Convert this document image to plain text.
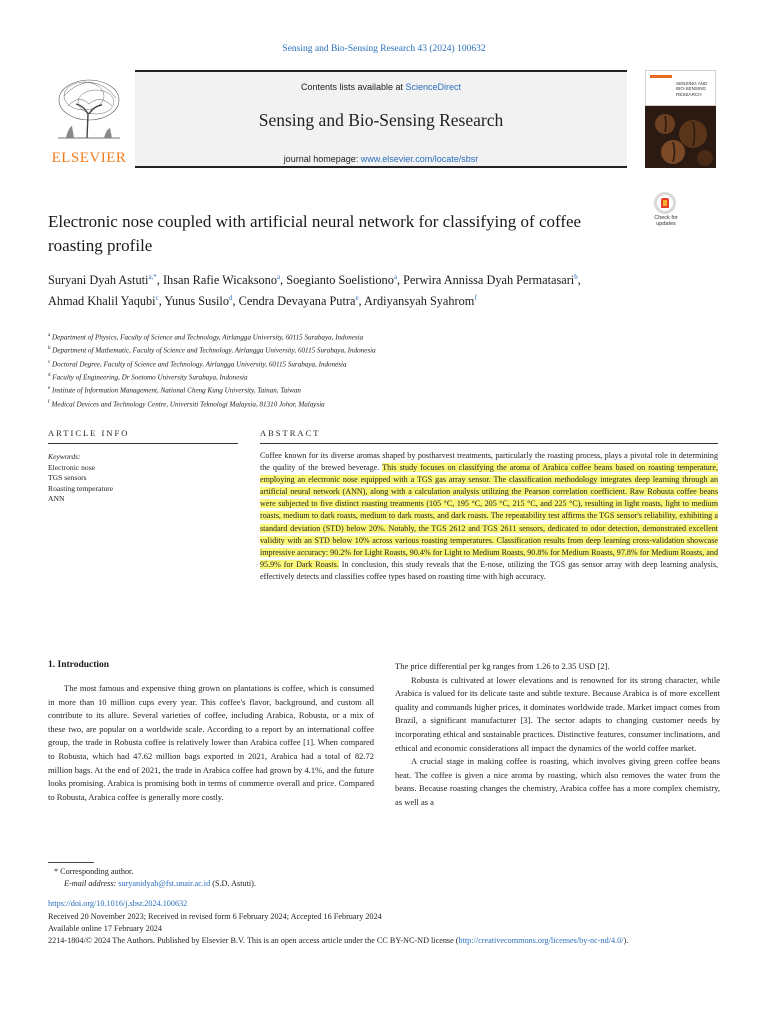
Sensing and Bio-Sensing Research 43 (2024) 100632
ELSEVIER
Contents lists available at ScienceDirect
Sensing and Bio-Sensing Research
journal homepage: www.elsevier.com/locate/sbsr
SENSING AND BIO-SENSING RESEARCH
Electronic nose coupled with artificial neural network for classifying of coffee roasting profile
Check for updates
Suryani Dyah Astuti$^{a,*}$, Ihsan Rafie Wicaksono$^a$, Soegianto Soelistiono$^a$, Perwira Annissa Dyah Permatasari$^b$, Ahmad Khalil Yaqubi$^c$, Yunus Susilo$^d$, Cendra Devayana Putra$^e$, Ardiyansyah Syahrom$^f$
$^a$ Department of Physics, Faculty of Science and Technology, Airlangga University, 60115 Surabaya, Indonesia
$^b$ Department of Mathematic, Faculty of Science and Technology, Airlangga University, 60115 Surabaya, Indonesia
$^c$ Doctoral Degree, Faculty of Science and Technology, Airlangga University, 60115 Surabaya, Indonesia
$^d$ Faculty of Engineering, Dr Soetomo University Surabaya, Indonesia
$^e$ Institute of Information Management, National Cheng Kung University, Tainan, Taiwan
$^f$ Medical Devices and Technology Centre, Universiti Teknologi Malaysia, 81310 Johor, Malaysia
ARTICLE INFO	ABSTRACT
Keywords:
Electronic nose
TGS sensors
Roasting temperature
ANN
Coffee known for its diverse aromas shaped by postharvest treatments, particularly the roasting process, plays a pivotal role in determining the quality of the brewed beverage. This study focuses on classifying the aroma of Arabica coffee beans based on roasting temperature, employing an electronic nose equipped with a TGS gas array sensor. The classification methodology integrates deep learning through an artificial neural network (ANN), along with a calculation analysis utilizing the Pearson correlation coefficient. Raw Robusta coffee beans were subjected to five distinct roasting treatments (105 °C, 195 °C, 205 °C, 215 °C, and 225 °C), resulting in light roasts, light to medium roasts, medium to dark roasts, medium to dark roasts, and dark roasts. The repeatability test affirms the TGS sensor's reliability, exhibiting a standard deviation (STD) below 20%. Notably, the TGS 2612 and TGS 2611 sensors, dedicated to odor detection, demonstrated excellent validity with an STD below 10% across various roasting temperatures. Classification results from deep learning cross-validation showcase impressive accuracy: 90.2% for Light Roasts, 90.4% for Light to Medium Roasts, 90.8% for Medium Roasts, 97.8% for Medium Roasts, and 95.9% for Dark Roasts. In conclusion, this study reveals that the E-nose, utilizing the TGS gas sensor array with deep learning analysis, effectively detects and classifies coffee types based on roasting time with high accuracy.
1. Introduction

The most famous and expensive thing grown on plantations is coffee, which is consumed in more than 10 million cups every year. This coffee's flavor, background, and custom all contribute to its allure. Several varieties of coffee, including Arabica, Robusta, or a mix of these two, are popular on a worldwide scale. According to a report by an international coffee group, the trade in Robusta coffee is relatively lower than Arabica coffee [1]. When compared to Robusta, which had 47.62 million bags exported in 2021, Arabica had a total of 82.72 million bags. At the end of 2021, the trade in Arabica coffee had grown by 4.1%, and the future looks promising. Arabica is promising both in terms of commerce overall and price. Compared to Robusta, Arabica coffee is generally more costly.

The price differential per kg ranges from 1.26 to 2.35 USD [2].

Robusta is cultivated at lower elevations and is renowned for its strong character, while Arabica is valued for its delicate taste and subtle texture. Because Arabica is of more excellent quality and commands higher prices, it dominates worldwide trade. Market impact comes from Brazil, a significant manufacturer [3]. The sector adapts to changing customer needs by incorporating ethical and sustainable practices. Distinctive features, consumer inclinations, and ethical and economic considerations all impact the dynamics of the world coffee market.

A crucial stage in making coffee is roasting, which involves giving green coffee beans heat. The coffee is given a nice aroma by roasting, which also removes the water from the beans. Because roasting changes the chemistry, Arabica coffee has a more complex chemistry, as well as a

* Corresponding author.
E-mail address: suryanidyah@fst.unair.ac.id (S.D. Astuti).
https://doi.org/10.1016/j.sbsr.2024.100632
Received 20 November 2023; Received in revised form 6 February 2024; Accepted 16 February 2024
Available online 17 February 2024
2214-1804/© 2024 The Authors. Published by Elsevier B.V. This is an open access article under the CC BY-NC-ND license (http://creativecommons.org/licenses/by-nc-nd/4.0/).
